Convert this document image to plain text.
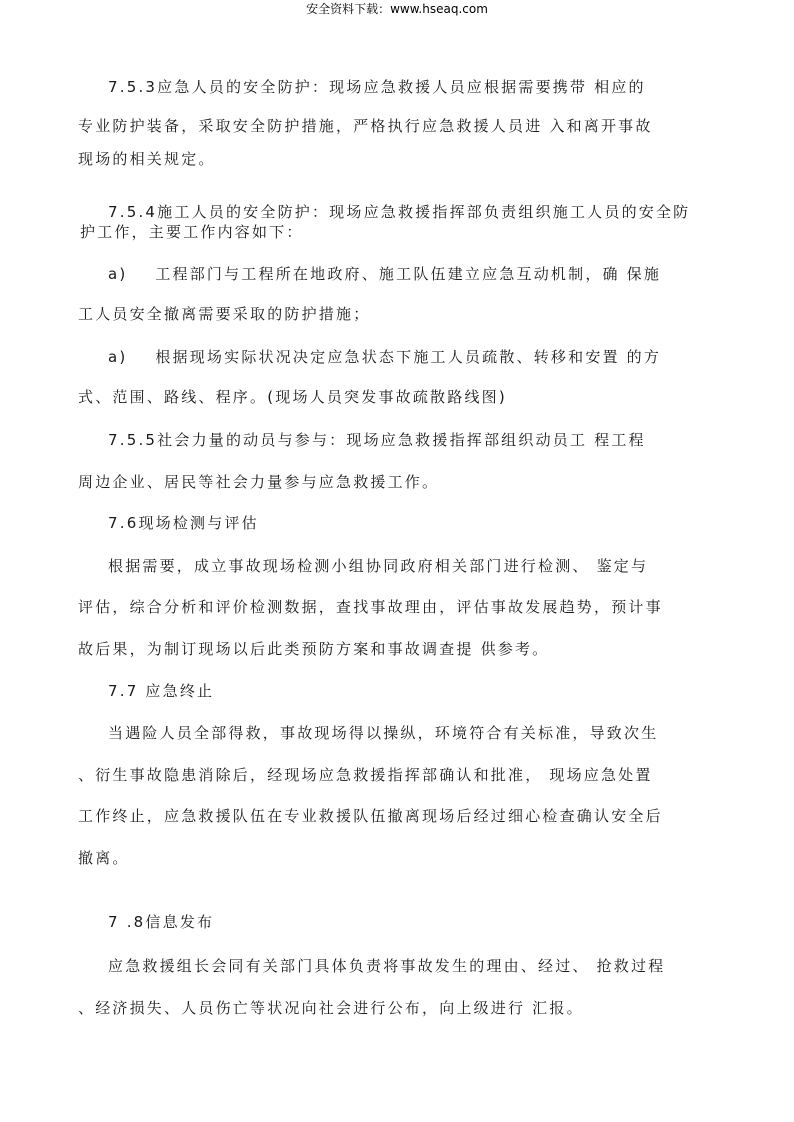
安全资料下载：www.hseaq.com
7.5.3应急人员的安全防护：现场应急救援人员应根据需要携带 相应的
专业防护装备，采取安全防护措施，严格执行应急救援人员进 入和离开事故
现场的相关规定。
7.5.4施工人员的安全防护：现场应急救援指挥部负责组织施工人员的安全防
护工作，主要工作内容如下：
a)    工程部门与工程所在地政府、施工队伍建立应急互动机制，确 保施
工人员安全撤离需要采取的防护措施；
a)    根据现场实际状况决定应急状态下施工人员疏散、转移和安置 的方
式、范围、路线、程序。(现场人员突发事故疏散路线图)
7.5.5社会力量的动员与参与：现场应急救援指挥部组织动员工 程工程
周边企业、居民等社会力量参与应急救援工作。
7.6现场检测与评估
根据需要，成立事故现场检测小组协同政府相关部门进行检测、 鉴定与
评估，综合分析和评价检测数据，查找事故理由，评估事故发展趋势，预计事
故后果，为制订现场以后此类预防方案和事故调查提 供参考。
7.7 应急终止
当遇险人员全部得救，事故现场得以操纵，环境符合有关标准，导致次生
、衍生事故隐患消除后，经现场应急救援指挥部确认和批准， 现场应急处置
工作终止，应急救援队伍在专业救援队伍撤离现场后经过细心检查确认安全后
撤离。
7 .8信息发布
应急救援组长会同有关部门具体负责将事故发生的理由、经过、 抢救过程
、经济损失、人员伤亡等状况向社会进行公布，向上级进行 汇报。
